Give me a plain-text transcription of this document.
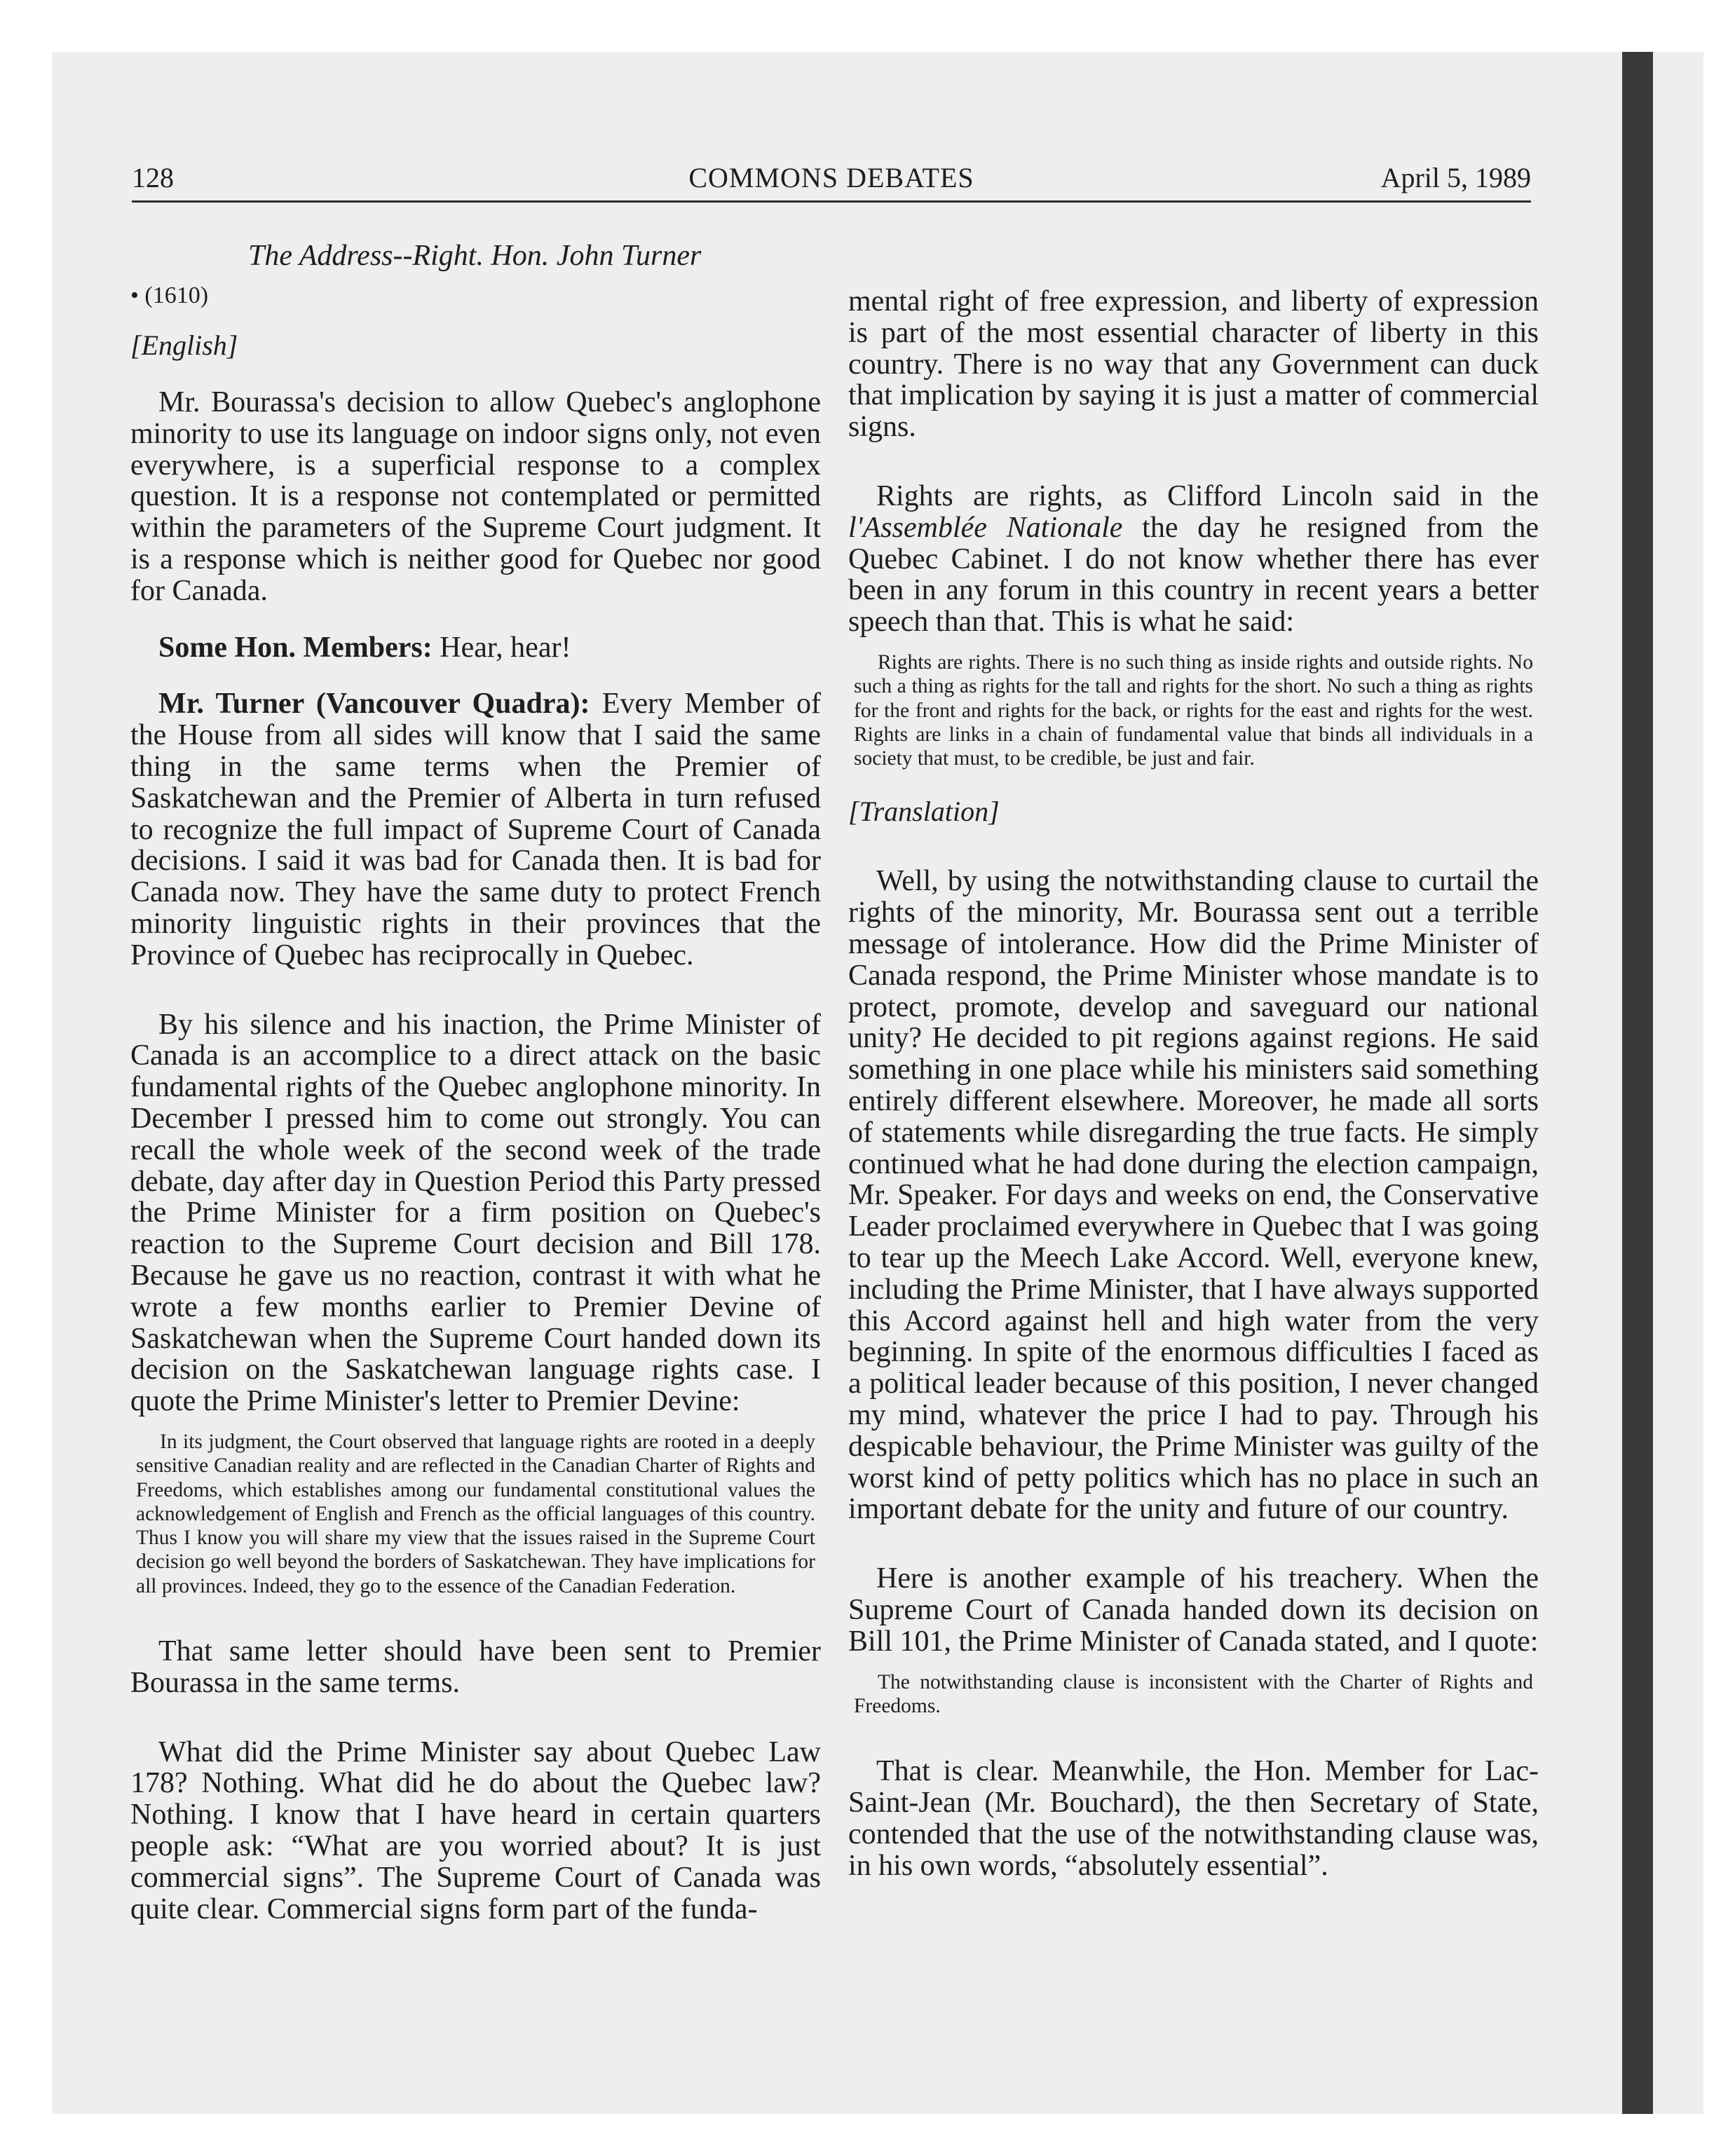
128	COMMONS DEBATES	April 5, 1989
The Address--Right. Hon. John Turner

• (1610)

[English]

Mr. Bourassa's decision to allow Quebec's anglophone minority to use its language on indoor signs only, not even everywhere, is a superficial response to a complex question. It is a response not contemplated or permitted within the parameters of the Supreme Court judgment. It is a response which is neither good for Quebec nor good for Canada.

Some Hon. Members: Hear, hear!

Mr. Turner (Vancouver Quadra): Every Member of the House from all sides will know that I said the same thing in the same terms when the Premier of Saskatchewan and the Premier of Alberta in turn refused to recognize the full impact of Supreme Court of Canada decisions. I said it was bad for Canada then. It is bad for Canada now. They have the same duty to protect French minority linguistic rights in their provinces that the Province of Quebec has reciprocally in Quebec.

By his silence and his inaction, the Prime Minister of Canada is an accomplice to a direct attack on the basic fundamental rights of the Quebec anglophone minority. In December I pressed him to come out strongly. You can recall the whole week of the second week of the trade debate, day after day in Question Period this Party pressed the Prime Minister for a firm position on Quebec's reaction to the Supreme Court decision and Bill 178. Because he gave us no reaction, contrast it with what he wrote a few months earlier to Premier Devine of Saskatchewan when the Supreme Court handed down its decision on the Saskatchewan language rights case. I quote the Prime Minister's letter to Premier Devine:

In its judgment, the Court observed that language rights are rooted in a deeply sensitive Canadian reality and are reflected in the Canadian Charter of Rights and Freedoms, which establishes among our fundamental constitutional values the acknowledgement of English and French as the official languages of this country. Thus I know you will share my view that the issues raised in the Supreme Court decision go well beyond the borders of Saskatchewan. They have implications for all provinces. Indeed, they go to the essence of the Canadian Federation.

That same letter should have been sent to Premier Bourassa in the same terms.

What did the Prime Minister say about Quebec Law 178? Nothing. What did he do about the Quebec law? Nothing. I know that I have heard in certain quarters people ask: “What are you worried about? It is just commercial signs”. The Supreme Court of Canada was quite clear. Commercial signs form part of the funda-

mental right of free expression, and liberty of expression is part of the most essential character of liberty in this country. There is no way that any Government can duck that implication by saying it is just a matter of commercial signs.

Rights are rights, as Clifford Lincoln said in the l'Assemblée Nationale the day he resigned from the Quebec Cabinet. I do not know whether there has ever been in any forum in this country in recent years a better speech than that. This is what he said:

Rights are rights. There is no such thing as inside rights and outside rights. No such a thing as rights for the tall and rights for the short. No such a thing as rights for the front and rights for the back, or rights for the east and rights for the west. Rights are links in a chain of fundamental value that binds all individuals in a society that must, to be credible, be just and fair.

[Translation]

Well, by using the notwithstanding clause to curtail the rights of the minority, Mr. Bourassa sent out a terrible message of intolerance. How did the Prime Minister of Canada respond, the Prime Minister whose mandate is to protect, promote, develop and saveguard our national unity? He decided to pit regions against regions. He said something in one place while his ministers said something entirely different elsewhere. Moreover, he made all sorts of statements while disregarding the true facts. He simply continued what he had done during the election campaign, Mr. Speaker. For days and weeks on end, the Conservative Leader proclaimed everywhere in Quebec that I was going to tear up the Meech Lake Accord. Well, everyone knew, including the Prime Minister, that I have always supported this Accord against hell and high water from the very beginning. In spite of the enormous difficulties I faced as a political leader because of this position, I never changed my mind, whatever the price I had to pay. Through his despicable behaviour, the Prime Minister was guilty of the worst kind of petty politics which has no place in such an important debate for the unity and future of our country.

Here is another example of his treachery. When the Supreme Court of Canada handed down its decision on Bill 101, the Prime Minister of Canada stated, and I quote:

The notwithstanding clause is inconsistent with the Charter of Rights and Freedoms.

That is clear. Meanwhile, the Hon. Member for Lac-Saint-Jean (Mr. Bouchard), the then Secretary of State, contended that the use of the notwithstanding clause was, in his own words, “absolutely essential”.
